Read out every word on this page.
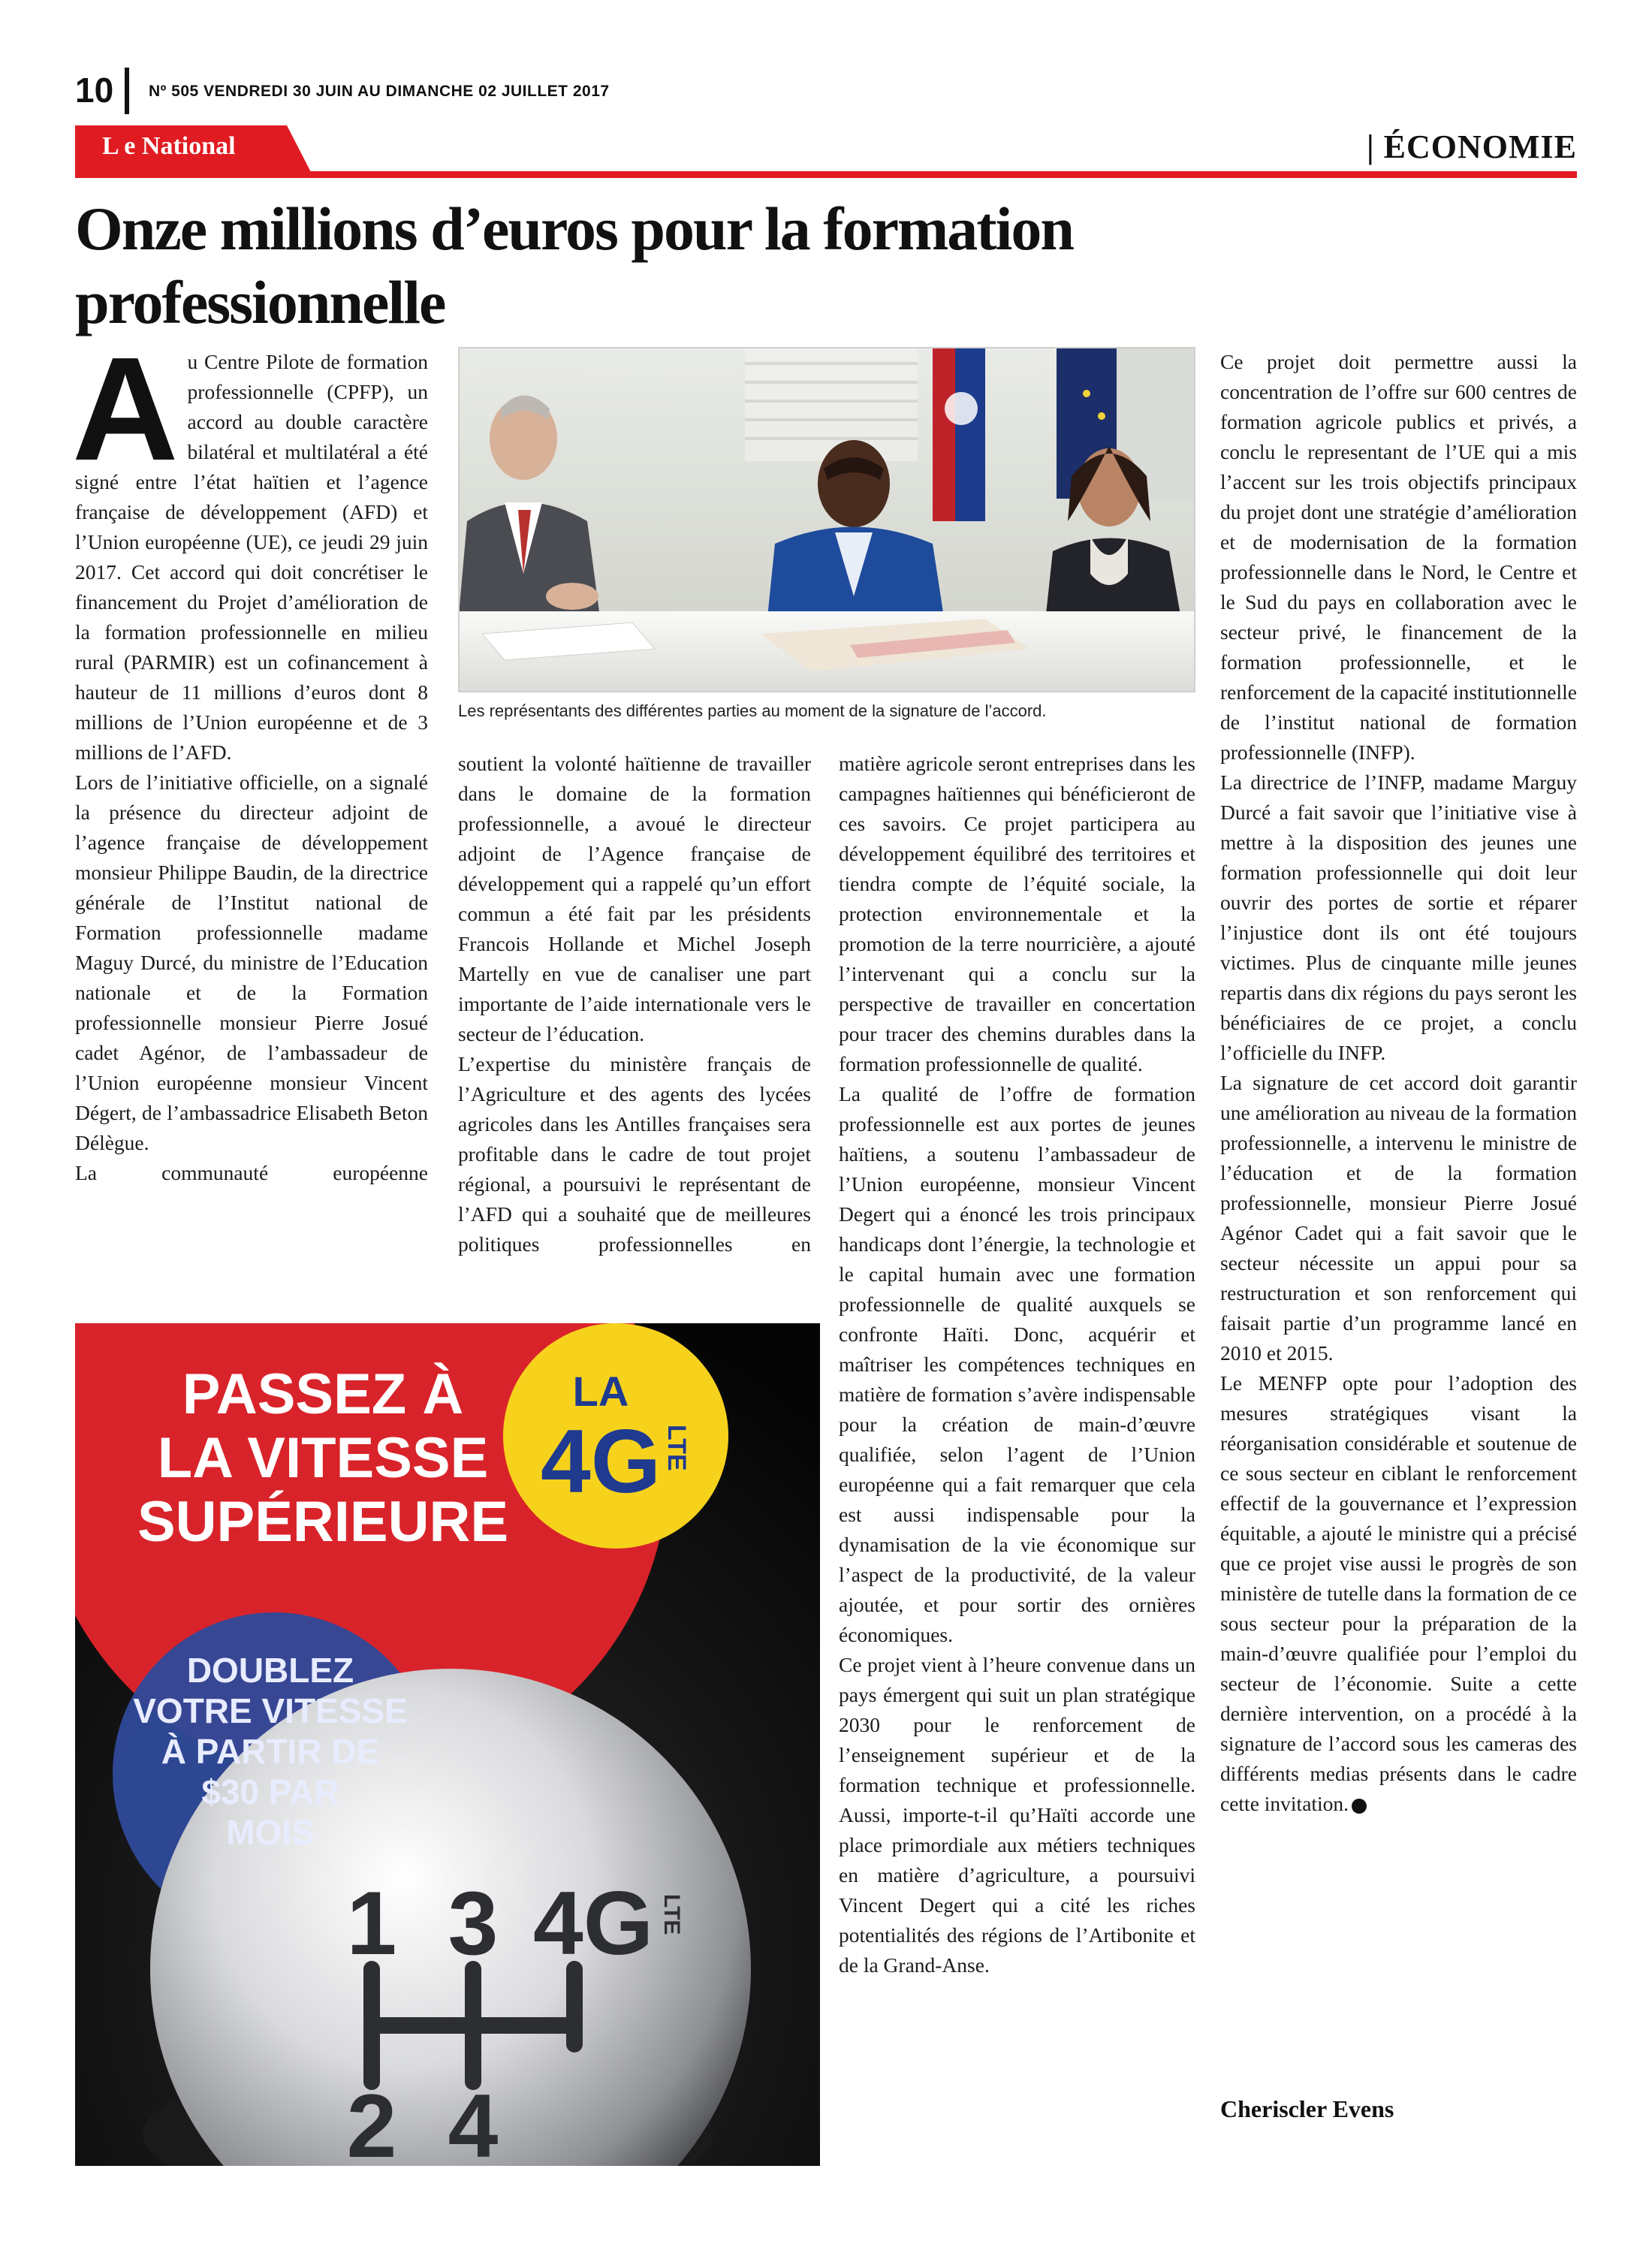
10 Nº 505 VENDREDI 30 JUIN AU DIMANCHE 02 JUILLET 2017
L e National	| ÉCONOMIE
Onze millions d’euros pour la formation professionnelle
A u Centre Pilote de formation professionnelle (CPFP), un accord au double caractère bilatéral et multilatéral a été signé entre l’état haïtien et l’agence française de développement (AFD) et l’Union européenne (UE), ce jeudi 29 juin 2017. Cet accord qui doit concrétiser le financement du Projet d’amélioration de la formation professionnelle en milieu rural (PARMIR) est un cofinancement à hauteur de 11 millions d’euros dont 8 millions de l’Union européenne et de 3 millions de l’AFD.

Lors de l’initiative officielle, on a signalé la présence du directeur adjoint de l’agence française de développement monsieur Philippe Baudin, de la directrice générale de l’Institut national de Formation professionnelle madame Maguy Durcé, du ministre de l’Education nationale et de la Formation professionnelle monsieur Pierre Josué cadet Agénor, de l’ambassadeur de l’Union européenne monsieur Vincent Dégert, de l’ambassadrice Elisabeth Beton Délègue.

La communauté européenne

Les représentants des différentes parties au moment de la signature de l’accord.

soutient la volonté haïtienne de travailler dans le domaine de la formation professionnelle, a avoué le directeur adjoint de l’Agence française de développement qui a rappelé qu’un effort commun a été fait par les présidents Francois Hollande et Michel Joseph Martelly en vue de canaliser une part importante de l’aide internationale vers le secteur de l’éducation.

L’expertise du ministère français de l’Agriculture et des agents des lycées agricoles dans les Antilles françaises sera profitable dans le cadre de tout projet régional, a poursuivi le représentant de l’AFD qui a souhaité que de meilleures politiques professionnelles en

matière agricole seront entreprises dans les campagnes haïtiennes qui bénéficieront de ces savoirs. Ce projet participera au développement équilibré des territoires et tiendra compte de l’équité sociale, la protection environnementale et la promotion de la terre nourricière, a ajouté l’intervenant qui a conclu sur la perspective de travailler en concertation pour tracer des chemins durables dans la formation professionnelle de qualité.

La qualité de l’offre de formation professionnelle est aux portes de jeunes haïtiens, a soutenu l’ambassadeur de l’Union européenne, monsieur Vincent Degert qui a énoncé les trois principaux handicaps dont l’énergie, la technologie et le capital humain avec une formation professionnelle de qualité auxquels se confronte Haïti. Donc, acquérir et maîtriser les compétences techniques en matière de formation s’avère indispensable pour la création de main-d’œuvre qualifiée, selon l’agent de l’Union européenne qui a fait remarquer que cela est aussi indispensable pour la dynamisation de la vie économique sur l’aspect de la productivité, de la valeur ajoutée, et pour sortir des ornières économiques.

Ce projet vient à l’heure convenue dans un pays émergent qui suit un plan stratégique 2030 pour le renforcement de l’enseignement supérieur et de la formation technique et professionnelle. Aussi, importe-t-il qu’Haïti accorde une place primordiale aux métiers techniques en matière d’agriculture, a poursuivi Vincent Degert qui a cité les riches potentialités des régions de l’Artibonite et de la Grand-Anse.

Ce projet doit permettre aussi la concentration de l’offre sur 600 centres de formation agricole publics et privés, a conclu le representant de l’UE qui a mis l’accent sur les trois objectifs principaux du projet dont une stratégie d’amélioration et de modernisation de la formation professionnelle dans le Nord, le Centre et le Sud du pays en collaboration avec le secteur privé, le financement de la formation professionnelle, et le renforcement de la capacité institutionnelle de l’institut national de formation professionnelle (INFP).

La directrice de l’INFP, madame Marguy Durcé a fait savoir que l’initiative vise à mettre à la disposition des jeunes une formation professionnelle qui doit leur ouvrir des portes de sortie et réparer l’injustice dont ils ont été toujours victimes. Plus de cinquante mille jeunes repartis dans dix régions du pays seront les bénéficiaires de ce projet, a conclu l’officielle du INFP.

La signature de cet accord doit garantir une amélioration au niveau de la formation professionnelle, a intervenu le ministre de l’éducation et de la formation professionnelle, monsieur Pierre Josué Agénor Cadet qui a fait savoir que le secteur nécessite un appui pour sa restructuration et son renforcement qui faisait partie d’un programme lancé en 2010 et 2015.

Le MENFP opte pour l’adoption des mesures stratégiques visant la réorganisation considérable et soutenue de ce sous secteur en ciblant le renforcement effectif de la gouvernance et l’expression équitable, a ajouté le ministre qui a précisé que ce projet vise aussi le progrès de son ministère de tutelle dans la formation de ce sous secteur pour la préparation de la main-d’œuvre qualifiée pour l’emploi du secteur de l’économie. Suite a cette dernière intervention, on a procédé à la signature de l’accord sous les cameras des différents medias présents dans le cadre cette invitation.

Cheriscler Evens
PASSEZ À
LA VITESSE
SUPÉRIEURE
DOUBLEZ
VOTRE VITESSE
À PARTIR DE
$30 PAR
MOIS
LA
4G LTE
1 3 4G
2 4
LTE
